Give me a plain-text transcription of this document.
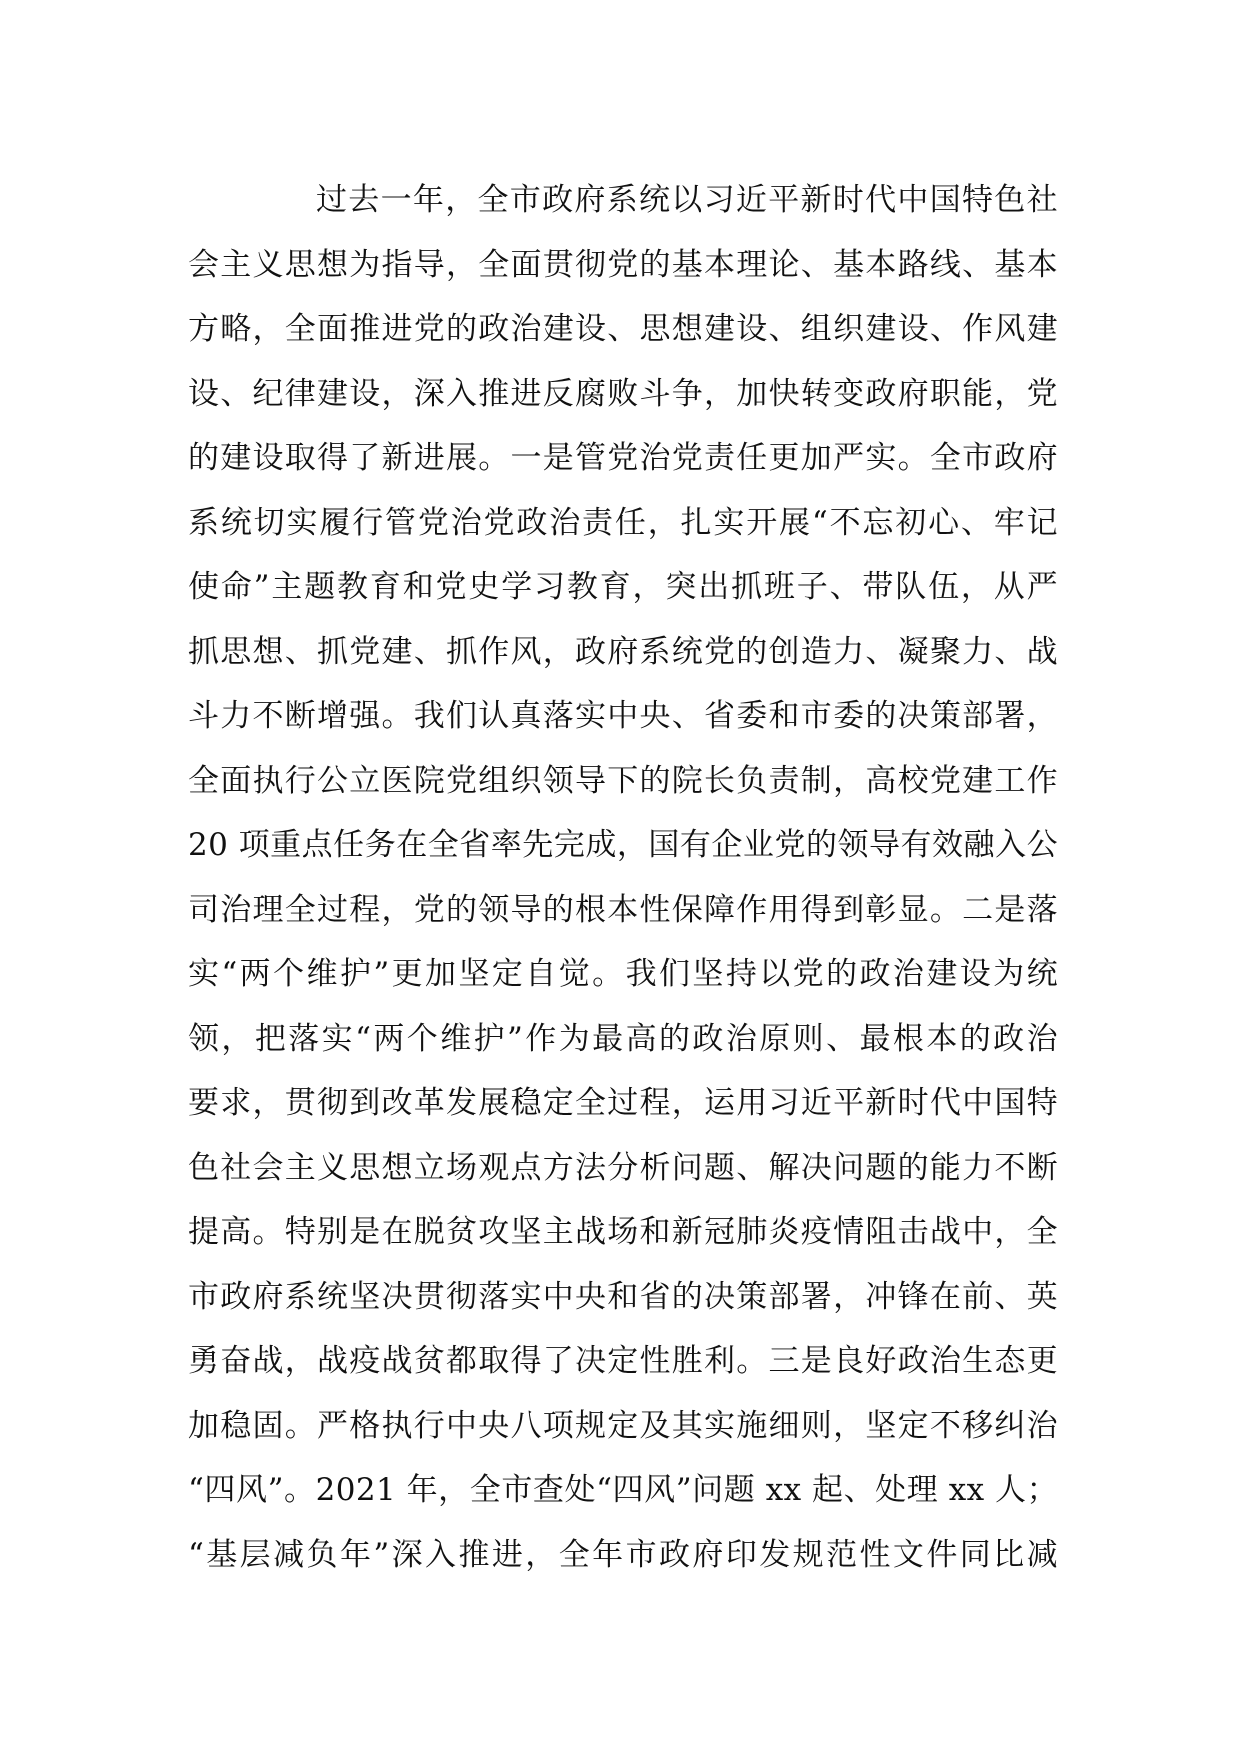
过去一年，全市政府系统以习近平新时代中国特色社
会主义思想为指导，全面贯彻党的基本理论、基本路线、基本
方略，全面推进党的政治建设、思想建设、组织建设、作风建
设、纪律建设，深入推进反腐败斗争，加快转变政府职能，党
的建设取得了新进展。一是管党治党责任更加严实。全市政府
系统切实履行管党治党政治责任，扎实开展“不忘初心、牢记
使命”主题教育和党史学习教育，突出抓班子、带队伍，从严
抓思想、抓党建、抓作风，政府系统党的创造力、凝聚力、战
斗力不断增强。我们认真落实中央、省委和市委的决策部署，
全面执行公立医院党组织领导下的院长负责制，高校党建工作
20 项重点任务在全省率先完成，国有企业党的领导有效融入公
司治理全过程，党的领导的根本性保障作用得到彰显。二是落
实“两个维护”更加坚定自觉。我们坚持以党的政治建设为统
领，把落实“两个维护”作为最高的政治原则、最根本的政治
要求，贯彻到改革发展稳定全过程，运用习近平新时代中国特
色社会主义思想立场观点方法分析问题、解决问题的能力不断
提高。特别是在脱贫攻坚主战场和新冠肺炎疫情阻击战中，全
市政府系统坚决贯彻落实中央和省的决策部署，冲锋在前、英
勇奋战，战疫战贫都取得了决定性胜利。三是良好政治生态更
加稳固。严格执行中央八项规定及其实施细则，坚定不移纠治
“四风”。2021 年，全市查处“四风”问题 xx 起、处理 xx 人；
“基层减负年”深入推进，全年市政府印发规范性文件同比减
